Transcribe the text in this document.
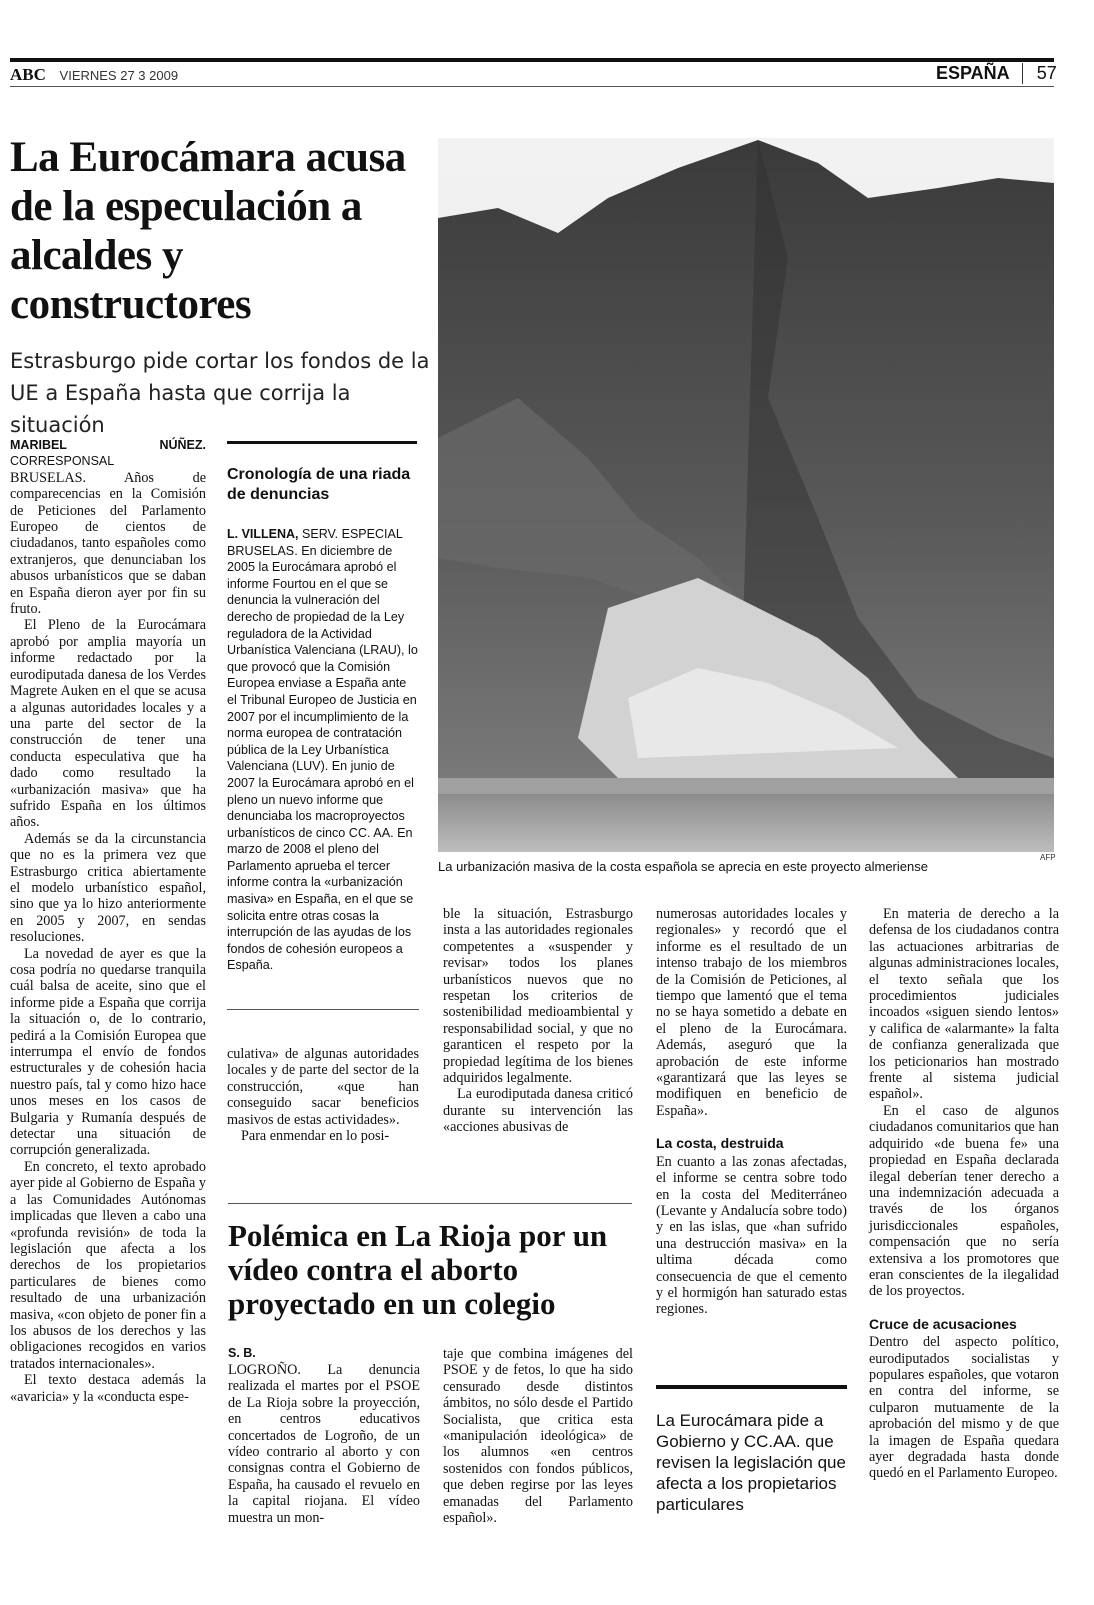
ABC VIERNES 27 3 2009	ESPAÑA	57
La Eurocámara acusa de la especulación a alcaldes y constructores
Estrasburgo pide cortar los fondos de la UE a España hasta que corrija la situación

MARIBEL NÚÑEZ. CORRESPONSAL

BRUSELAS. Años de comparecencias en la Comisión de Peticiones del Parlamento Europeo de cientos de ciudadanos, tanto españoles como extranjeros, que denunciaban los abusos urbanísticos que se daban en España dieron ayer por fin su fruto.

El Pleno de la Eurocámara aprobó por amplia mayoría un informe redactado por la eurodiputada danesa de los Verdes Magrete Auken en el que se acusa a algunas autoridades locales y a una parte del sector de la construcción de tener una conducta especulativa que ha dado como resultado la «urbanización masiva» que ha sufrido España en los últimos años.

Además se da la circunstancia que no es la primera vez que Estrasburgo critica abiertamente el modelo urbanístico español, sino que ya lo hizo anteriormente en 2005 y 2007, en sendas resoluciones.

La novedad de ayer es que la cosa podría no quedarse tranquila cuál balsa de aceite, sino que el informe pide a España que corrija la situación o, de lo contrario, pedirá a la Comisión Europea que interrumpa el envío de fondos estructurales y de cohesión hacia nuestro país, tal y como hizo hace unos meses en los casos de Bulgaria y Rumanía después de detectar una situación de corrupción generalizada.

En concreto, el texto aprobado ayer pide al Gobierno de España y a las Comunidades Autónomas implicadas que lleven a cabo una «profunda revisión» de toda la legislación que afecta a los derechos de los propietarios particulares de bienes como resultado de una urbanización masiva, «con objeto de poner fin a los abusos de los derechos y las obligaciones recogidos en varios tratados internacionales».

El texto destaca además la «avaricia» y la «conducta espe-

Cronología de una riada de denuncias

L. VILLENA, SERV. ESPECIAL

BRUSELAS. En diciembre de 2005 la Eurocámara aprobó el informe Fourtou en el que se denuncia la vulneración del derecho de propiedad de la Ley reguladora de la Actividad Urbanística Valenciana (LRAU), lo que provocó que la Comisión Europea enviase a España ante el Tribunal Europeo de Justicia en 2007 por el incumplimiento de la norma europea de contratación pública de la Ley Urbanística Valenciana (LUV). En junio de 2007 la Eurocámara aprobó en el pleno un nuevo informe que denunciaba los macroproyectos urbanísticos de cinco CC. AA. En marzo de 2008 el pleno del Parlamento aprueba el tercer informe contra la «urbanización masiva» en España, en el que se solicita entre otras cosas la interrupción de las ayudas de los fondos de cohesión europeos a España.

culativa» de algunas autoridades locales y de parte del sector de la construcción, «que han conseguido sacar beneficios masivos de estas actividades».

Para enmendar en lo posi-

La urbanización masiva de la costa española se aprecia en este proyecto almeriense
AFP

ble la situación, Estrasburgo insta a las autoridades regionales competentes a «suspender y revisar» todos los planes urbanísticos nuevos que no respetan los criterios de sostenibilidad medioambiental y responsabilidad social, y que no garanticen el respeto por la propiedad legítima de los bienes adquiridos legalmente.

La eurodiputada danesa criticó durante su intervención las «acciones abusivas de

numerosas autoridades locales y regionales» y recordó que el informe es el resultado de un intenso trabajo de los miembros de la Comisión de Peticiones, al tiempo que lamentó que el tema no se haya sometido a debate en el pleno de la Eurocámara. Además, aseguró que la aprobación de este informe «garantizará que las leyes se modifiquen en beneficio de España».

La costa, destruida

En cuanto a las zonas afectadas, el informe se centra sobre todo en la costa del Mediterráneo (Levante y Andalucía sobre todo) y en las islas, que «han sufrido una destrucción masiva» en la ultima década como consecuencia de que el cemento y el hormigón han saturado estas regiones.

En materia de derecho a la defensa de los ciudadanos contra las actuaciones arbitrarias de algunas administraciones locales, el texto señala que los procedimientos judiciales incoados «siguen siendo lentos» y califica de «alarmante» la falta de confianza generalizada que los peticionarios han mostrado frente al sistema judicial español».

En el caso de algunos ciudadanos comunitarios que han adquirido «de buena fe» una propiedad en España declarada ilegal deberían tener derecho a una indemnización adecuada a través de los órganos jurisdiccionales españoles, compensación que no sería extensiva a los promotores que eran conscientes de la ilegalidad de los proyectos.

Cruce de acusaciones

Dentro del aspecto político, eurodiputados socialistas y populares españoles, que votaron en contra del informe, se culparon mutuamente de la aprobación del mismo y de que la imagen de España quedara ayer degradada hasta donde quedó en el Parlamento Europeo.

Polémica en La Rioja por un vídeo contra el aborto proyectado en un colegio
S. B.

LOGROÑO. La denuncia realizada el martes por el PSOE de La Rioja sobre la proyección, en centros educativos concertados de Logroño, de un vídeo contrario al aborto y con consignas contra el Gobierno de España, ha causado el revuelo en la capital riojana. El vídeo muestra un mon-

taje que combina imágenes del PSOE y de fetos, lo que ha sido censurado desde distintos ámbitos, no sólo desde el Partido Socialista, que critica esta «manipulación ideológica» de los alumnos «en centros sostenidos con fondos públicos, que deben regirse por las leyes emanadas del Parlamento español».

La Eurocámara pide a Gobierno y CC.AA. que revisen la legislación que afecta a los propietarios particulares
